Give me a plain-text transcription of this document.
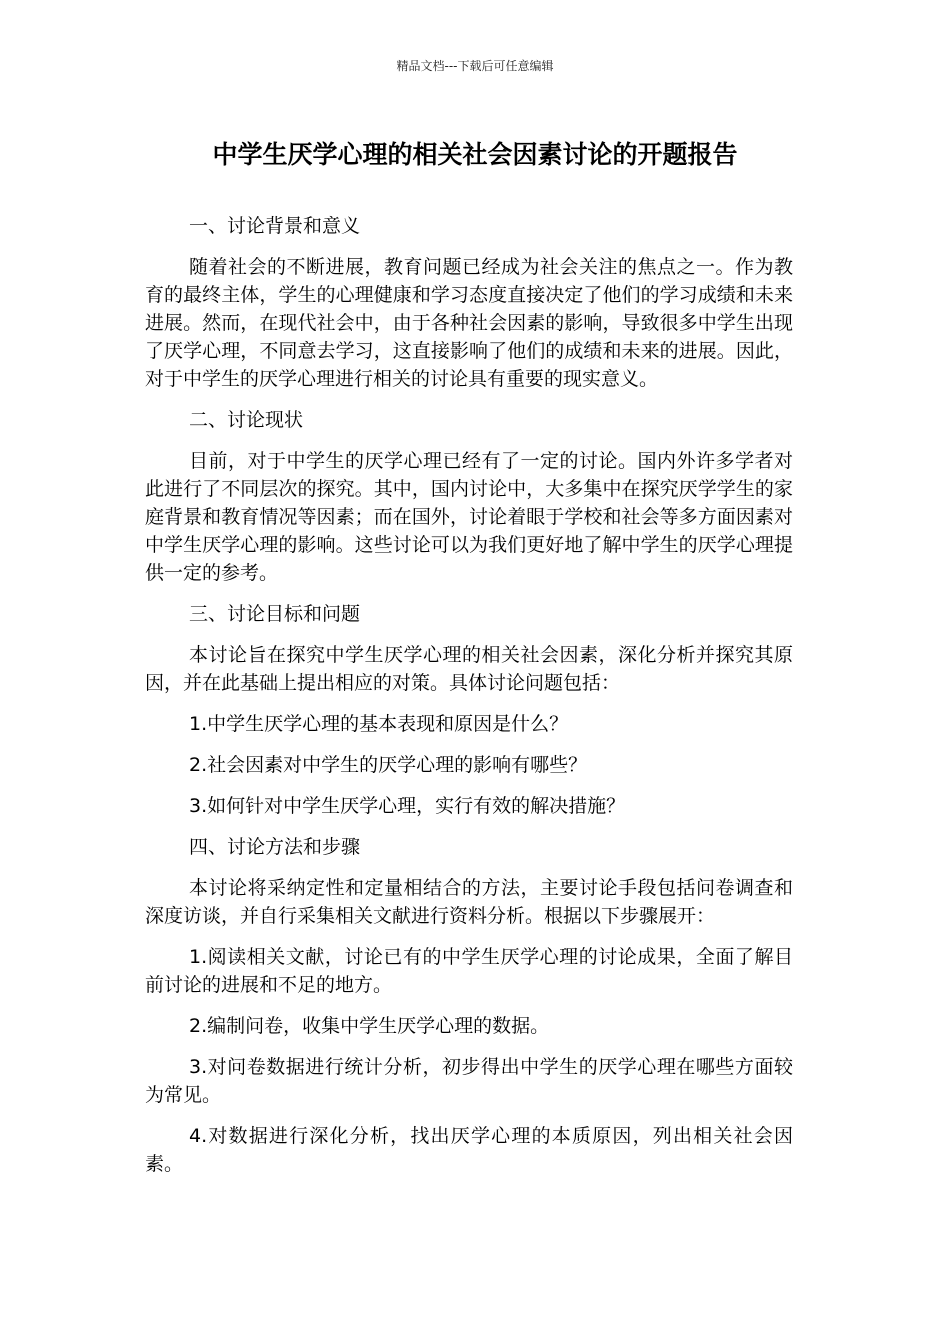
精品文档---下载后可任意编辑
中学生厌学心理的相关社会因素讨论的开题报告

一、讨论背景和意义

随着社会的不断进展，教育问题已经成为社会关注的焦点之一。作为教育的最终主体，学生的心理健康和学习态度直接决定了他们的学习成绩和未来进展。然而，在现代社会中，由于各种社会因素的影响，导致很多中学生出现了厌学心理，不同意去学习，这直接影响了他们的成绩和未来的进展。因此，对于中学生的厌学心理进行相关的讨论具有重要的现实意义。

二、讨论现状

目前，对于中学生的厌学心理已经有了一定的讨论。国内外许多学者对此进行了不同层次的探究。其中，国内讨论中，大多集中在探究厌学学生的家庭背景和教育情况等因素；而在国外，讨论着眼于学校和社会等多方面因素对中学生厌学心理的影响。这些讨论可以为我们更好地了解中学生的厌学心理提供一定的参考。

三、讨论目标和问题

本讨论旨在探究中学生厌学心理的相关社会因素，深化分析并探究其原因，并在此基础上提出相应的对策。具体讨论问题包括：

1.中学生厌学心理的基本表现和原因是什么？

2.社会因素对中学生的厌学心理的影响有哪些？

3.如何针对中学生厌学心理，实行有效的解决措施？

四、讨论方法和步骤

本讨论将采纳定性和定量相结合的方法，主要讨论手段包括问卷调查和深度访谈，并自行采集相关文献进行资料分析。根据以下步骤展开：

1.阅读相关文献，讨论已有的中学生厌学心理的讨论成果，全面了解目前讨论的进展和不足的地方。

2.编制问卷，收集中学生厌学心理的数据。

3.对问卷数据进行统计分析，初步得出中学生的厌学心理在哪些方面较为常见。

4.对数据进行深化分析，找出厌学心理的本质原因，列出相关社会因素。
